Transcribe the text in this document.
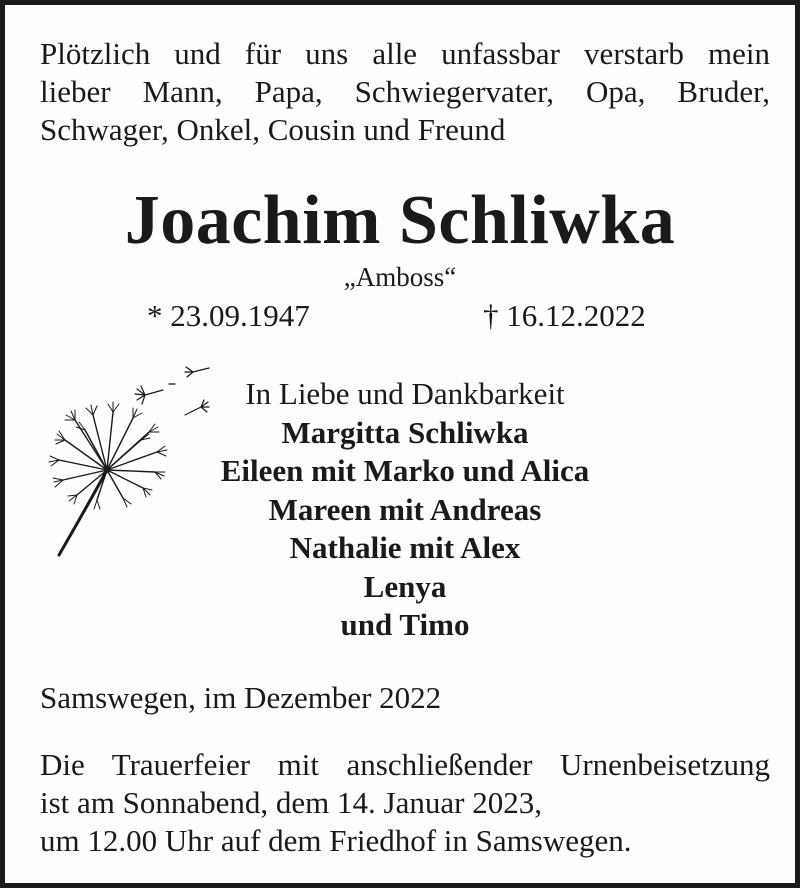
Plötzlich und für uns alle unfassbar verstarb mein
lieber Mann, Papa, Schwiegervater, Opa, Bruder,
Schwager, Onkel, Cousin und Freund
Joachim Schliwka
„Amboss“
* 23.09.1947	† 16.12.2022
In Liebe und Dankbarkeit
Margitta Schliwka
Eileen mit Marko und Alica
Mareen mit Andreas
Nathalie mit Alex
Lenya
und Timo
Samswegen, im Dezember 2022
Die Trauerfeier mit anschließender Urnenbeisetzung
ist am Sonnabend, dem 14. Januar 2023,
um 12.00 Uhr auf dem Friedhof in Samswegen.
